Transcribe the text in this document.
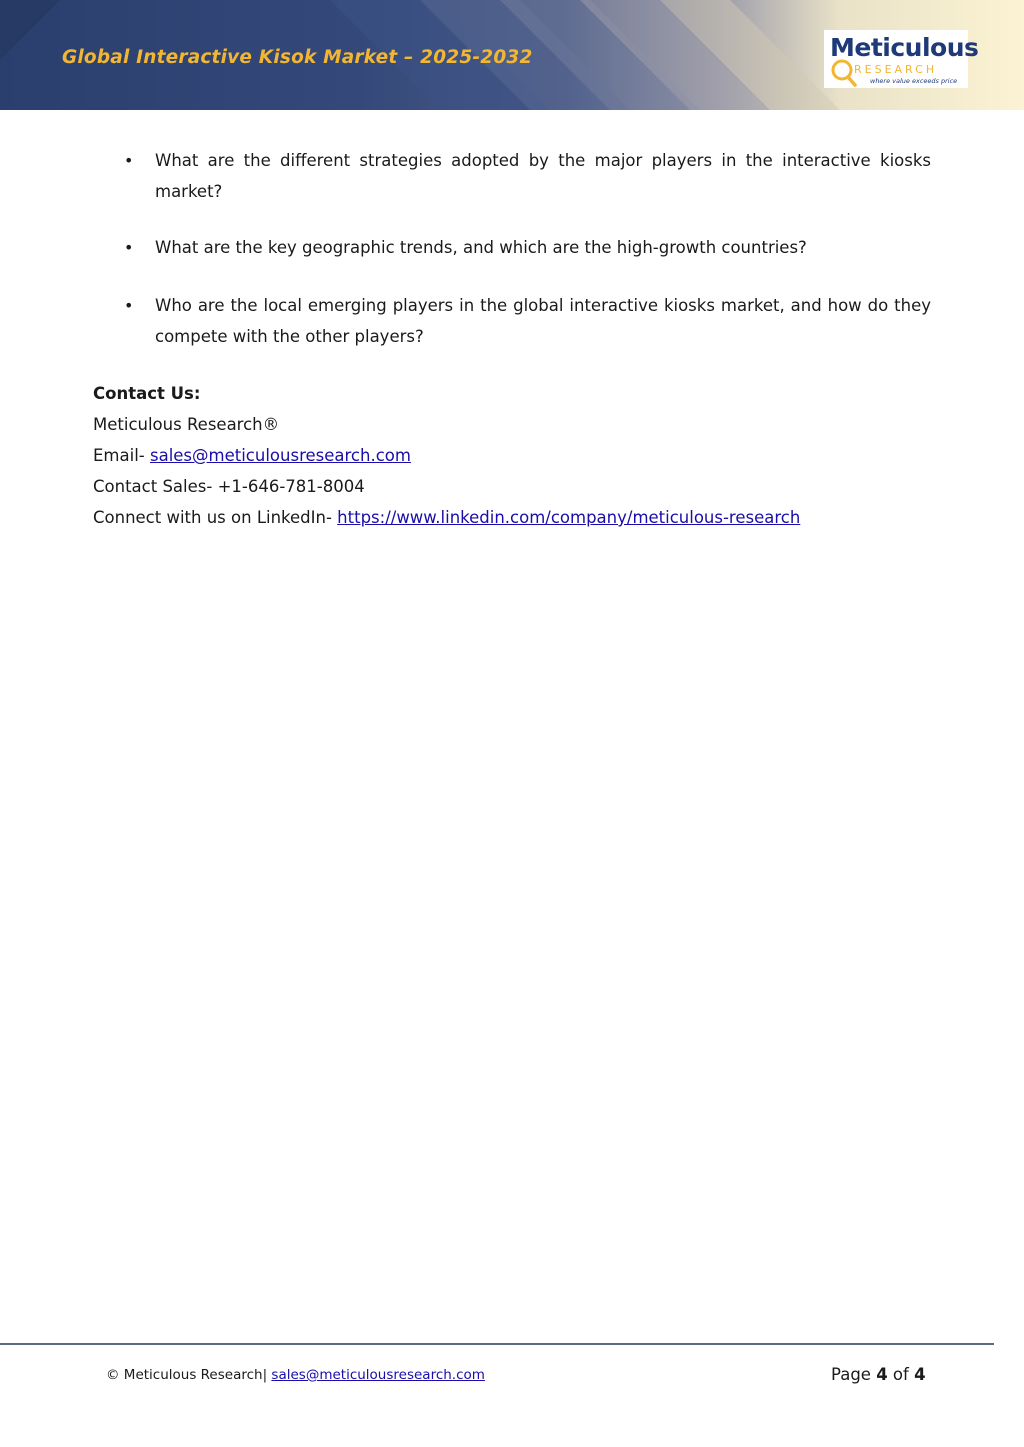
Global Interactive Kisok Market – 2025-2032	Meticulous
RESEARCH
where value exceeds price
• What are the different strategies adopted by the major players in the interactive kiosks market?
• What are the key geographic trends, and which are the high-growth countries?
• Who are the local emerging players in the global interactive kiosks market, and how do they compete with the other players?
Contact Us:
Meticulous Research®
Email- sales@meticulousresearch.com
Contact Sales- +1-646-781-8004
Connect with us on LinkedIn- https://www.linkedin.com/company/meticulous-research
© Meticulous Research| sales@meticulousresearch.com	Page 4 of 4
